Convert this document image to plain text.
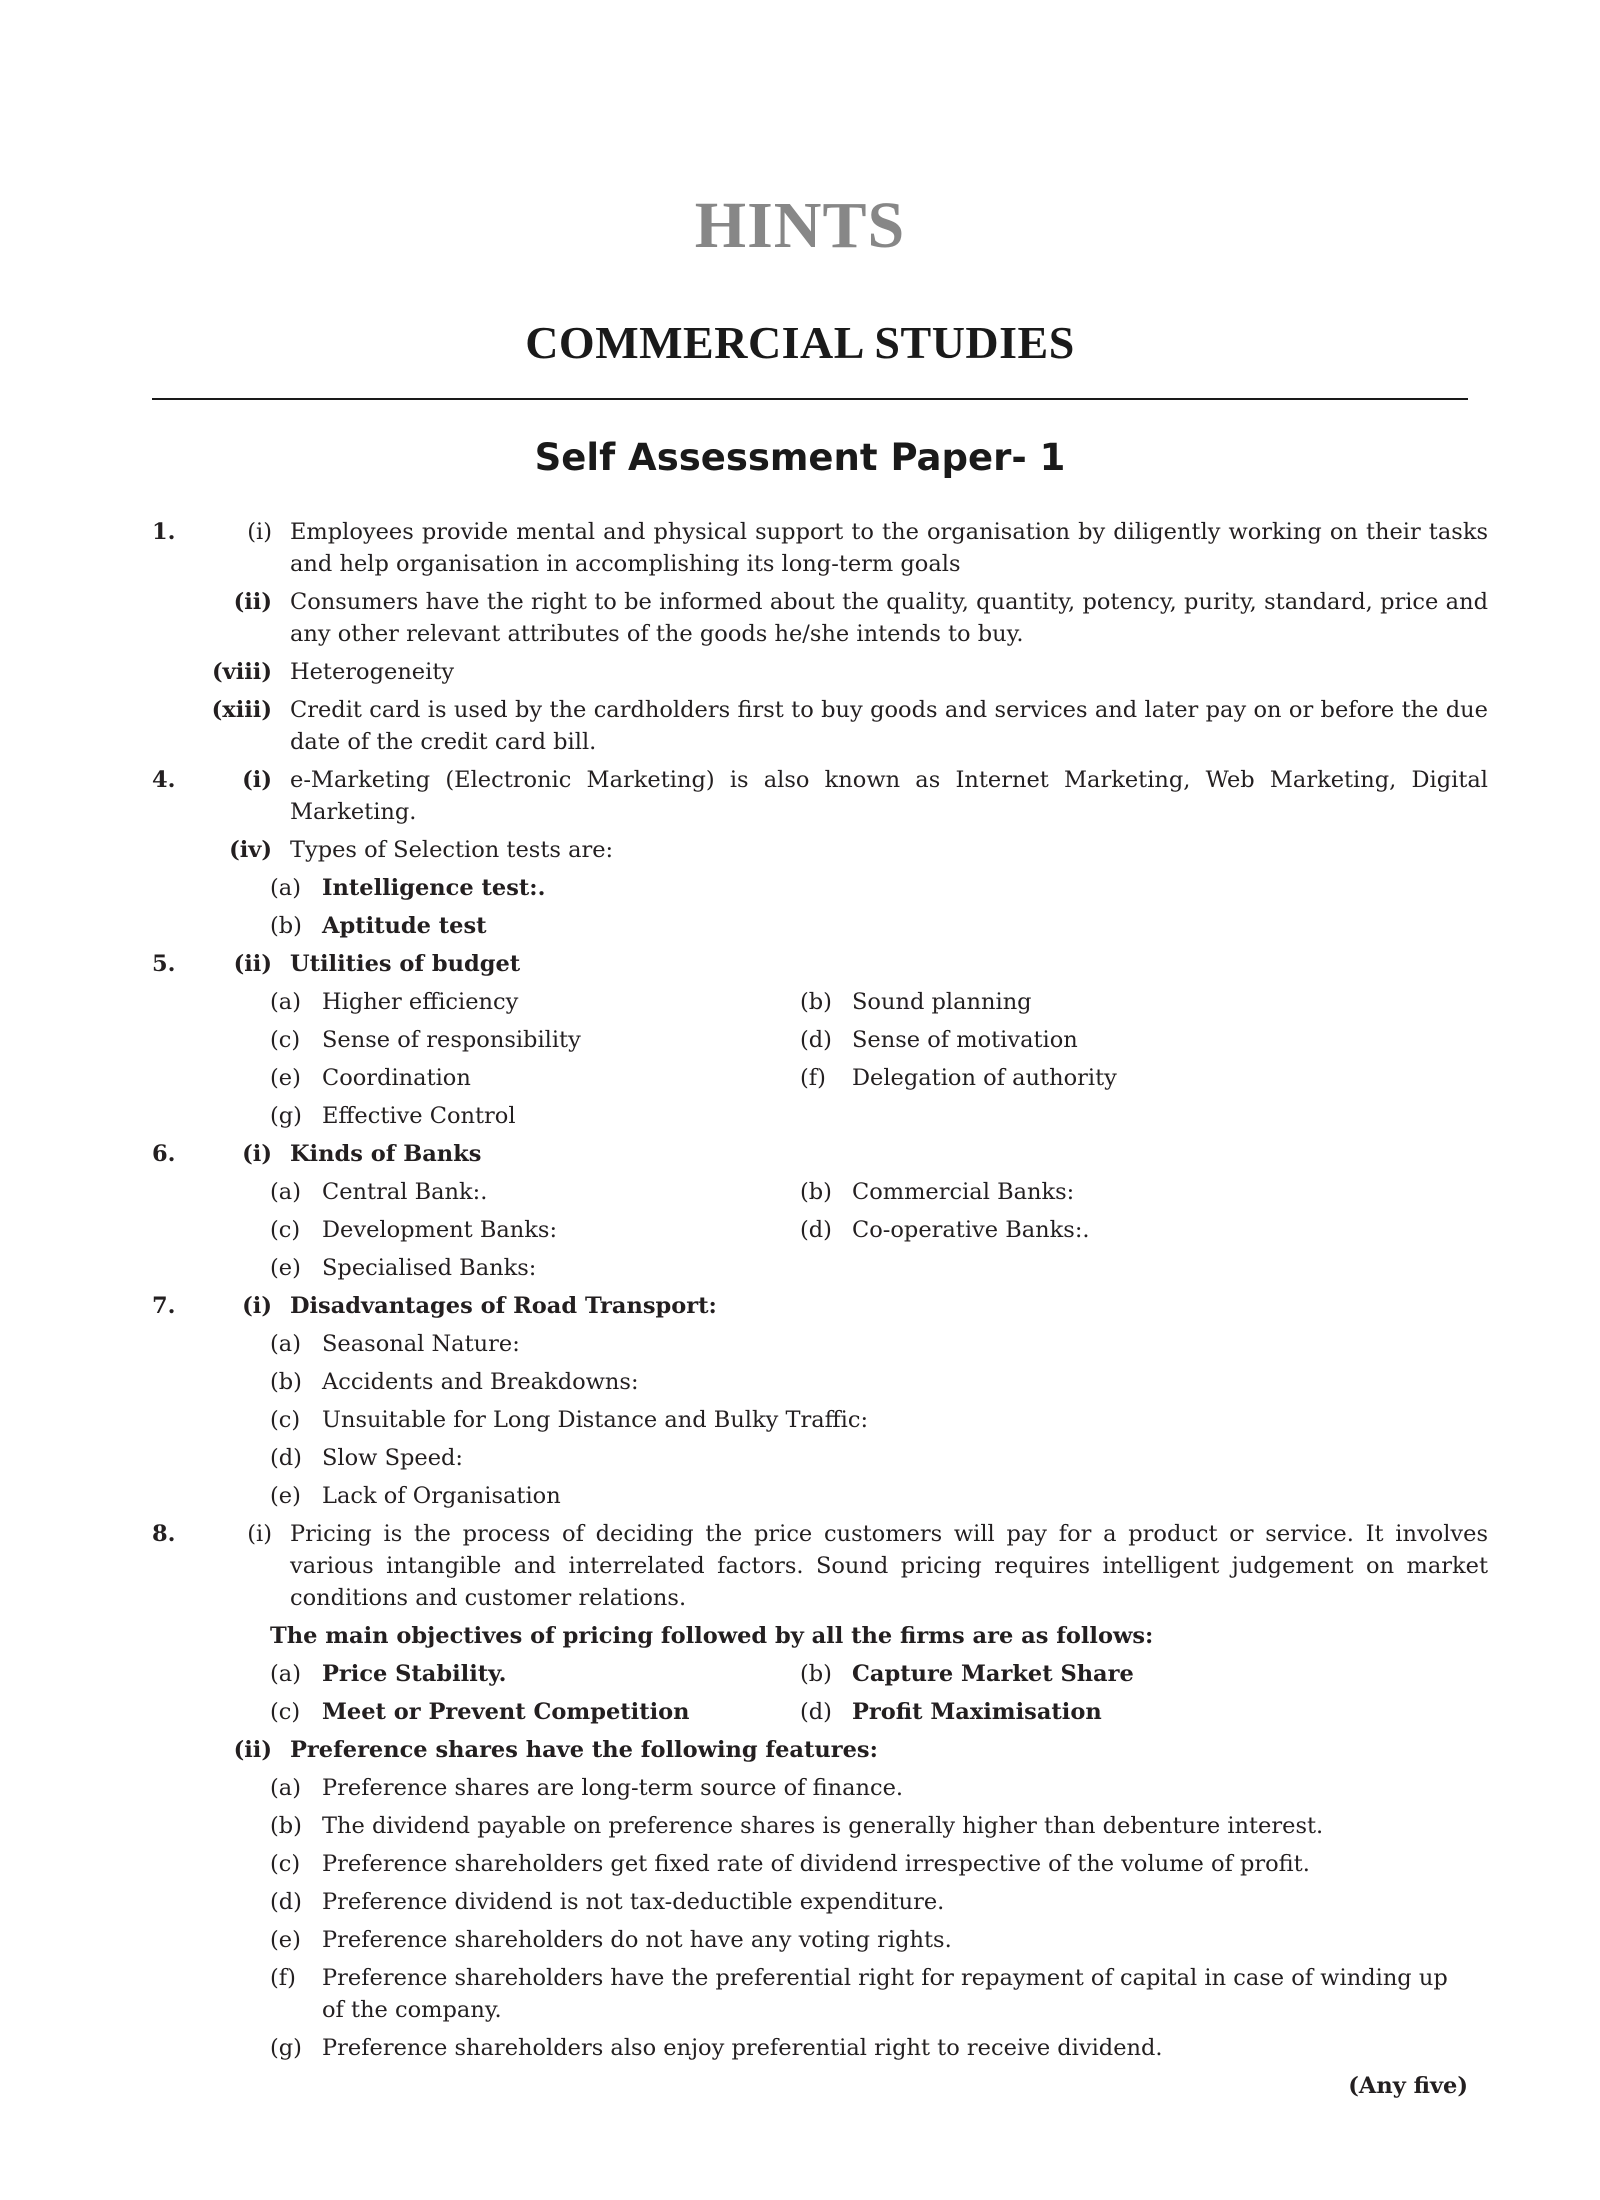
HINTS
COMMERCIAL STUDIES
Self Assessment Paper- 1
1.	(i) Employees provide mental and physical support to the organisation by diligently working on their tasks and help organisation in accomplishing its long-term goals
(ii) Consumers have the right to be informed about the quality, quantity, potency, purity, standard, price and any other relevant attributes of the goods he/she intends to buy.
(viii) Heterogeneity
(xiii) Credit card is used by the cardholders first to buy goods and services and later pay on or before the due date of the credit card bill.
4.	(i) e-Marketing (Electronic Marketing) is also known as Internet Marketing, Web Marketing, Digital Marketing.
(iv) Types of Selection tests are:
(a) Intelligence test:.
(b) Aptitude test
5.	(ii) Utilities of budget
(a) Higher efficiency	(b) Sound planning
(c) Sense of responsibility	(d) Sense of motivation
(e) Coordination	(f)	Delegation of authority
(g) Effective Control
6.	(i) Kinds of Banks
(a) Central Bank:.	(b) Commercial Banks:
(c) Development Banks:	(d) Co-operative Banks:.
(e) Specialised Banks:
7.	(i) Disadvantages of Road Transport:
(a) Seasonal Nature:
(b) Accidents and Breakdowns:
(c) Unsuitable for Long Distance and Bulky Traffic:
(d) Slow Speed:
(e) Lack of Organisation
8.	(i) Pricing is the process of deciding the price customers will pay for a product or service. It involves various intangible and interrelated factors. Sound pricing requires intelligent judgement on market conditions and customer relations.
The main objectives of pricing followed by all the firms are as follows:
(a) Price Stability.	(b) Capture Market Share
(c) Meet or Prevent Competition	(d) Profit Maximisation
(ii) Preference shares have the following features:
(a) Preference shares are long-term source of finance.
(b) The dividend payable on preference shares is generally higher than debenture interest.
(c) Preference shareholders get fixed rate of dividend irrespective of the volume of profit.
(d) Preference dividend is not tax-deductible expenditure.
(e) Preference shareholders do not have any voting rights.
(f)	Preference shareholders have the preferential right for repayment of capital in case of winding up of the company.
(g) Preference shareholders also enjoy preferential right to receive dividend.
(Any five)
